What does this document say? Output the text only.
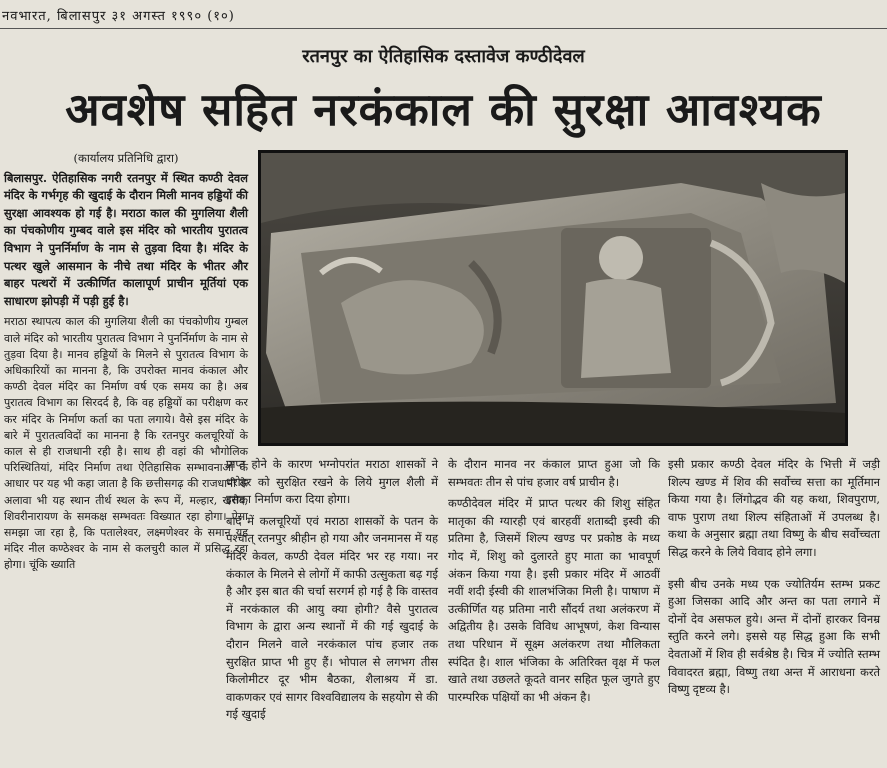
नवभारत, बिलासपुर ३१ अगस्त १९९० (१०)
रतनपुर का ऐतिहासिक दस्तावेज कण्ठीदेवल
अवशेष सहित नरकंकाल की सुरक्षा आवश्यक
(कार्यालय प्रतिनिधि द्वारा)

बिलासपुर. ऐतिहासिक नगरी रतनपुर में स्थित कण्ठी देवल मंदिर के गर्भगृह की खुदाई के दौरान मिली मानव हड्डियों की सुरक्षा आवश्यक हो गई है। मराठा काल की मुगलिया शैली का पंचकोणीय गुम्बद वाले इस मंदिर को भारतीय पुरातत्व विभाग ने पुनर्निर्माण के नाम से तुड़वा दिया है। मंदिर के पत्थर खुले आसमान के नीचे तथा मंदिर के भीतर और बाहर पत्थरों में उत्कीर्णित कालापूर्ण प्राचीन मूर्तियां एक साधारण झोपड़ी में पड़ी हुई है।

मराठा स्थापत्य काल की मुगलिया शैली का पंचकोणीय गुम्बल वाले मंदिर को भारतीय पुरातत्व विभाग ने पुनर्निर्माण के नाम से तुड़वा दिया है। मानव हड्डियों के मिलने से पुरातत्व विभाग के अधिकारियों का मानना है, कि उपरोक्त मानव कंकाल और कण्ठी देवल मंदिर का निर्माण वर्ष एक समय का है। अब पुरातत्व विभाग का सिरदर्द है, कि वह हड्डियों का परीक्षण कर कर मंदिर के निर्माण कर्ता का पता लगाये। वैसे इस मंदिर के बारे में पुरातत्वविदों का मानना है कि रतनपुर कलचूरियों के काल से ही राजधानी रही है। साथ ही वहां की भौगोलिक परिस्थितियां, मंदिर निर्माण तथा ऐतिहासिक सम्भावनाओं के आधार पर यह भी कहा जाता है कि छत्तीसगढ़ की राजधानी के अलावा भी यह स्थान तीर्थ स्थल के रूप में, मल्हार, खरौद, शिवरीनारायण के समकक्ष सम्भवतः विख्यात रहा होगा। ऐसा समझा जा रहा है, कि पतालेश्वर, लक्ष्मणेश्वर के समान यह मंदिर नील कण्ठेश्वर के नाम से कलचुरी काल में प्रसिद्ध रहा होगा। चूंकि ख्याति

प्राप्त होने के कारण भग्नोपरांत मराठा शासकों ने धरोहर को सुरक्षित रखने के लिये मुगल शैली में इसका निर्माण करा दिया होगा।

बाद में कलचूरियों एवं मराठा शासकों के पतन के पश्चात् रतनपुर श्रीहीन हो गया और जनमानस में यह मंदिर केवल, कण्ठी देवल मंदिर भर रह गया। नर कंकाल के मिलने से लोगों में काफी उत्सुकता बढ़ गई है और इस बात की चर्चा सरगर्म हो गई है कि वास्तव में नरकंकाल की आयु क्या होगी? वैसे पुरातत्व विभाग के द्वारा अन्य स्थानों में की गई खुदाई के दौरान मिलने वाले नरकंकाल पांच हजार तक सुरक्षित प्राप्त भी हुए हैं। भोपाल से लगभग तीस किलोमीटर दूर भीम बैठका, शैलाश्रय में डा. वाकणकर एवं सागर विश्वविद्यालय के सहयोग से की गई खुदाई

के दौरान मानव नर कंकाल प्राप्त हुआ जो कि सम्भवतः तीन से पांच हजार वर्ष प्राचीन है।

कण्ठीदेवल मंदिर में प्राप्त पत्थर की शिशु संहित मातृका की ग्यारही एवं बारहवीं शताब्दी इस्वी की प्रतिमा है, जिसमें शिल्प खण्ड पर प्रकोष्ठ के मध्य गोद में, शिशु को दुलारते हुए माता का भावपूर्ण अंकन किया गया है। इसी प्रकार मंदिर में आठवीं नवीं शदी ईस्वी की शालभंजिका मिली है। पाषाण में उत्कीर्णित यह प्रतिमा नारी सौंदर्य तथा अलंकरण में अद्वितीय है। उसके विविध आभूषणं, केश विन्यास तथा परिधान में सूक्ष्म अलंकरण तथा मौलिकता स्पंदित है। शाल भंजिका के अतिरिक्त वृक्ष में फल खाते तथा उछलते कूदते वानर सहित फूल जुगते हुए पारम्परिक पक्षियों का भी अंकन है।

इसी प्रकार कण्ठी देवल मंदिर के भित्ती में जड़ी शिल्प खण्ड में शिव की सर्वोच्च सत्ता का मूर्तिमान किया गया है। लिंगोद्भव की यह कथा, शिवपुराण, वाफ पुराण तथा शिल्प संहिताओं में उपलब्ध है। कथा के अनुसार ब्रह्मा तथा विष्णु के बीच सर्वोच्चता सिद्ध करने के लिये विवाद होने लगा।

इसी बीच उनके मध्य एक ज्योतिर्यम स्तम्भ प्रकट हुआ जिसका आदि और अन्त का पता लगाने में दोनों देव असफल हुये। अन्त में दोनों हारकर विनम्र स्तुति करने लगे। इससे यह सिद्ध हुआ कि सभी देवताओं में शिव ही सर्वश्रेष्ठ है। चित्र में ज्योति स्तम्भ विवादरत ब्रह्मा, विष्णु तथा अन्त में आराधना करते विष्णु दृष्टव्य है।
